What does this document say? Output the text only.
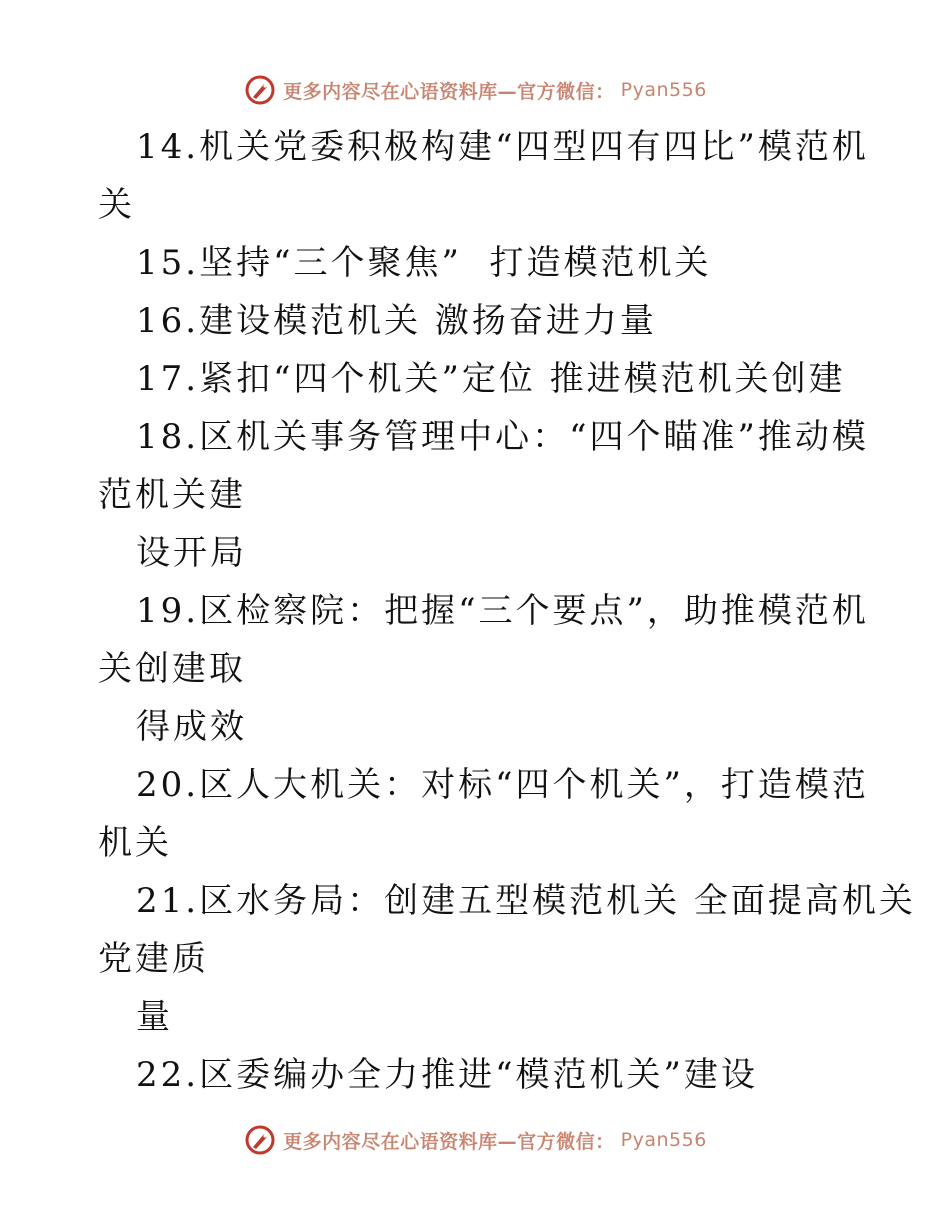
更多内容尽在心语资料库—官方微信： Pyan556
14.机关党委积极构建“四型四有四比”模范机
关
15.坚持“三个聚焦”  打造模范机关
16.建设模范机关 激扬奋进力量
17.紧扣“四个机关”定位 推进模范机关创建
18.区机关事务管理中心：“四个瞄准”推动模
范机关建
设开局
19.区检察院：把握“三个要点”，助推模范机
关创建取
得成效
20.区人大机关：对标“四个机关”，打造模范
机关
21.区水务局：创建五型模范机关 全面提高机关
党建质
量
22.区委编办全力推进“模范机关”建设
更多内容尽在心语资料库—官方微信： Pyan556
